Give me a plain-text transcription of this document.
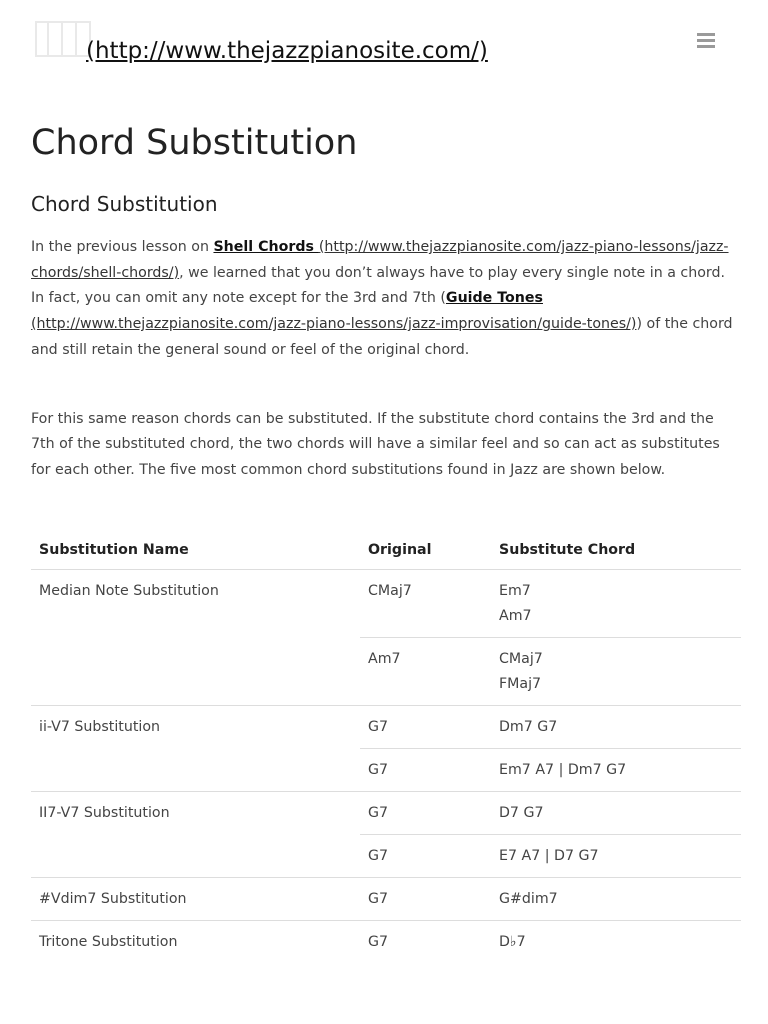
(http://www.thejazzpianosite.com/)
Chord Substitution
Chord Substitution

In the previous lesson on Shell Chords (http://www.thejazzpianosite.com/jazz-piano-lessons/jazz-chords/shell-chords/), we learned that you don’t always have to play every single note in a chord. In fact, you can omit any note except for the 3rd and 7th (Guide Tones
(http://www.thejazzpianosite.com/jazz-piano-lessons/jazz-improvisation/guide-tones/)) of the chord and still retain the general sound or feel of the original chord.

For this same reason chords can be substituted. If the substitute chord contains the 3rd and the 7th of the substituted chord, the two chords will have a similar feel and so can act as substitutes for each other. The five most common chord substitutions found in Jazz are shown below.

Substitution Name	Original	Substitute Chord
Median Note Substitution	CMaj7	Em7
Am7
	Am7	CMaj7
FMaj7
ii-V7 Substitution	G7	Dm7 G7
	G7	Em7 A7 | Dm7 G7
II7-V7 Substitution	G7	D7 G7
	G7	E7 A7 | D7 G7
#Vdim7 Substitution	G7	G#dim7
Tritone Substitution	G7	D♭7
